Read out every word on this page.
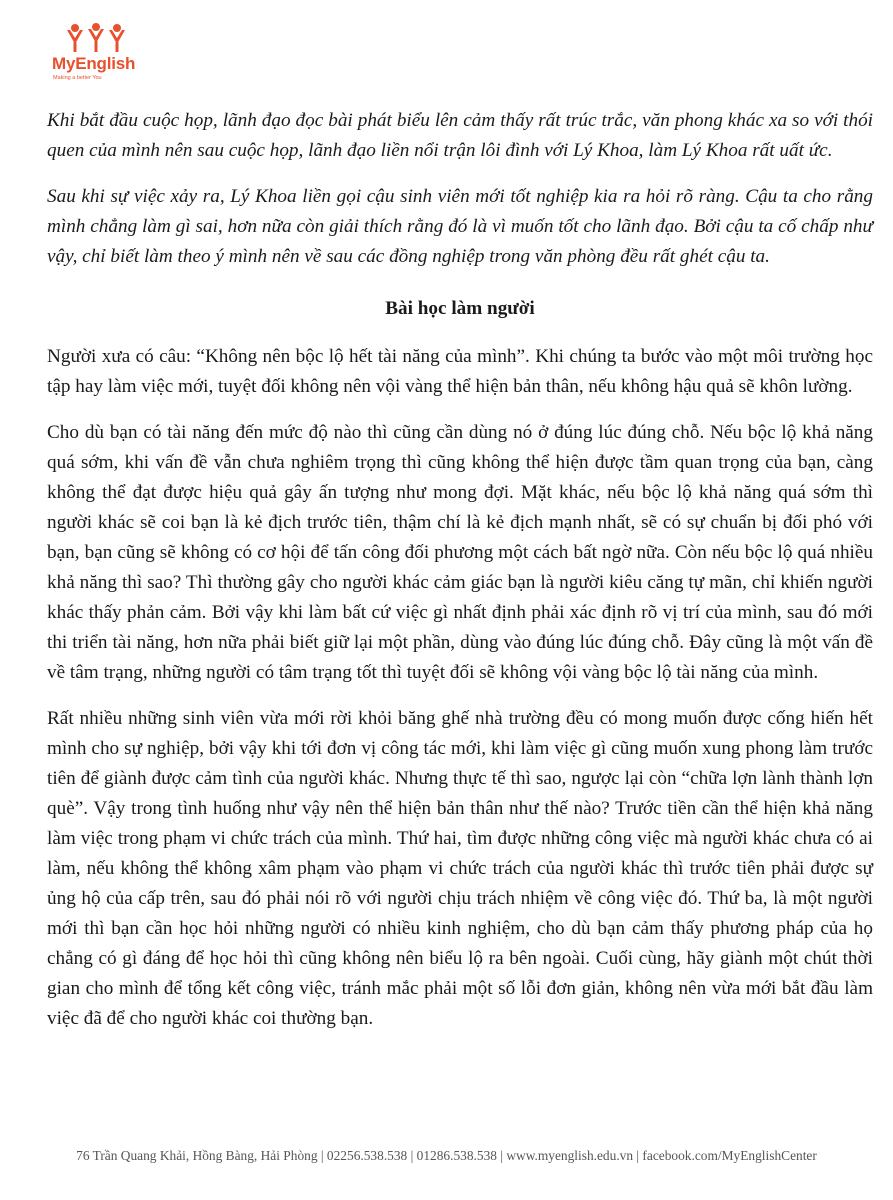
MyEnglish
Making a better You

Khi bắt đầu cuộc họp, lãnh đạo đọc bài phát biểu lên cảm thấy rất trúc trắc, văn phong khác xa so với thói quen của mình nên sau cuộc họp, lãnh đạo liền nổi trận lôi đình với Lý Khoa, làm Lý Khoa rất uất ức.

Sau khi sự việc xảy ra, Lý Khoa liền gọi cậu sinh viên mới tốt nghiệp kia ra hỏi rõ ràng. Cậu ta cho rằng mình chẳng làm gì sai, hơn nữa còn giải thích rằng đó là vì muốn tốt cho lãnh đạo. Bởi cậu ta cố chấp như vậy, chỉ biết làm theo ý mình nên về sau các đồng nghiệp trong văn phòng đều rất ghét cậu ta.

Bài học làm người

Người xưa có câu: “Không nên bộc lộ hết tài năng của mình”. Khi chúng ta bước vào một môi trường học tập hay làm việc mới, tuyệt đối không nên vội vàng thể hiện bản thân, nếu không hậu quả sẽ khôn lường.

Cho dù bạn có tài năng đến mức độ nào thì cũng cần dùng nó ở đúng lúc đúng chỗ. Nếu bộc lộ khả năng quá sớm, khi vấn đề vẫn chưa nghiêm trọng thì cũng không thể hiện được tầm quan trọng của bạn, càng không thể đạt được hiệu quả gây ấn tượng như mong đợi. Mặt khác, nếu bộc lộ khả năng quá sớm thì người khác sẽ coi bạn là kẻ địch trước tiên, thậm chí là kẻ địch mạnh nhất, sẽ có sự chuẩn bị đối phó với bạn, bạn cũng sẽ không có cơ hội để tấn công đối phương một cách bất ngờ nữa. Còn nếu bộc lộ quá nhiều khả năng thì sao? Thì thường gây cho người khác cảm giác bạn là người kiêu căng tự mãn, chỉ khiến người khác thấy phản cảm. Bởi vậy khi làm bất cứ việc gì nhất định phải xác định rõ vị trí của mình, sau đó mới thi triển tài năng, hơn nữa phải biết giữ lại một phần, dùng vào đúng lúc đúng chỗ. Đây cũng là một vấn đề về tâm trạng, những người có tâm trạng tốt thì tuyệt đối sẽ không vội vàng bộc lộ tài năng của mình.

Rất nhiều những sinh viên vừa mới rời khỏi băng ghế nhà trường đều có mong muốn được cống hiến hết mình cho sự nghiệp, bởi vậy khi tới đơn vị công tác mới, khi làm việc gì cũng muốn xung phong làm trước tiên để giành được cảm tình của người khác. Nhưng thực tế thì sao, ngược lại còn “chữa lợn lành thành lợn què”. Vậy trong tình huống như vậy nên thể hiện bản thân như thế nào? Trước tiền cần thể hiện khả năng làm việc trong phạm vi chức trách của mình. Thứ hai, tìm được những công việc mà người khác chưa có ai làm, nếu không thể không xâm phạm vào phạm vi chức trách của người khác thì trước tiên phải được sự ủng hộ của cấp trên, sau đó phải nói rõ với người chịu trách nhiệm về công việc đó. Thứ ba, là một người mới thì bạn cần học hỏi những người có nhiều kinh nghiệm, cho dù bạn cảm thấy phương pháp của họ chẳng có gì đáng để học hỏi thì cũng không nên biểu lộ ra bên ngoài. Cuối cùng, hãy giành một chút thời gian cho mình để tổng kết công việc, tránh mắc phải một số lỗi đơn giản, không nên vừa mới bắt đầu làm việc đã để cho người khác coi thường bạn.

76 Trần Quang Khải, Hồng Bàng, Hải Phòng | 02256.538.538 | 01286.538.538 | www.myenglish.edu.vn | facebook.com/MyEnglishCenter
